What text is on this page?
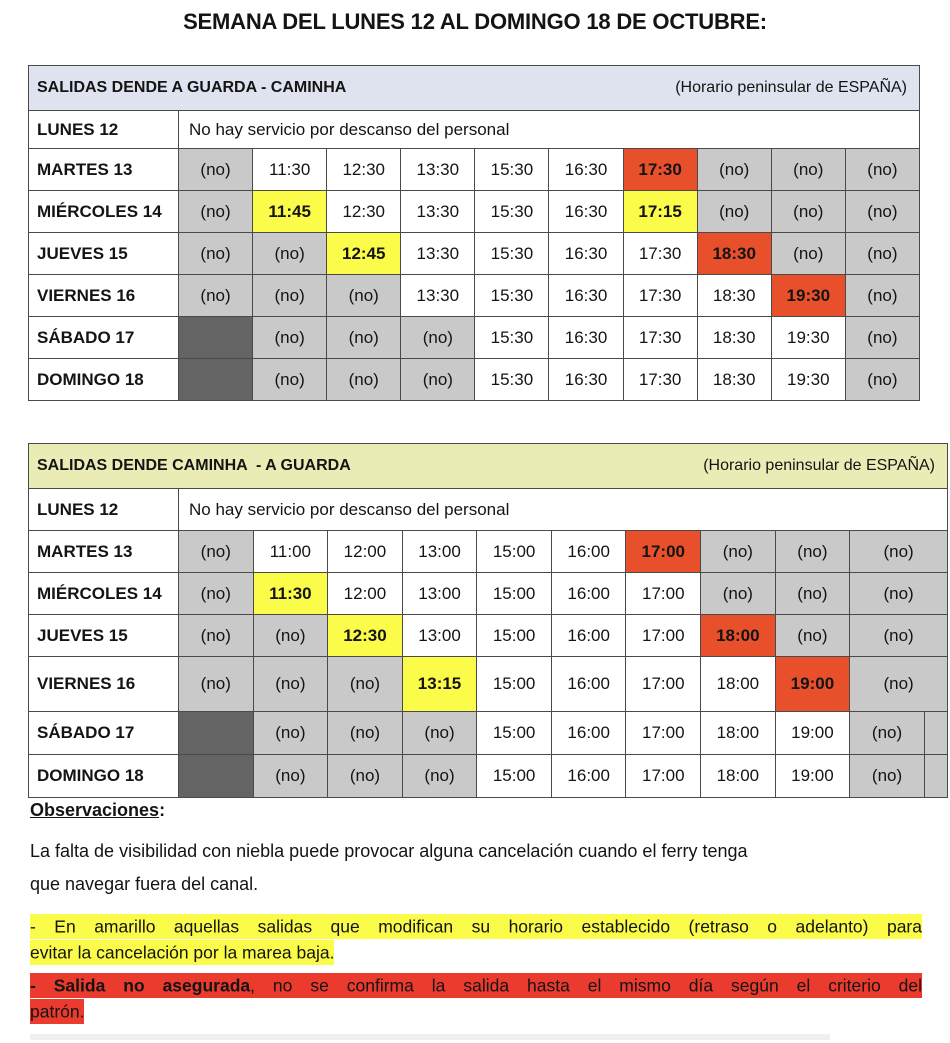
SEMANA DEL LUNES 12 AL DOMINGO 18 DE OCTUBRE:
SALIDAS DENDE A GUARDA - CAMINHA (Horario peninsular de ESPAÑA)										

LUNES 12	No hay servicio por descanso del personal									
MARTES 13	(no)	11:30	12:30	13:30	15:30	16:30	17:30	(no)	(no)	(no)
MIÉRCOLES 14	(no)	11:45	12:30	13:30	15:30	16:30	17:15	(no)	(no)	(no)
JUEVES 15	(no)	(no)	12:45	13:30	15:30	16:30	17:30	18:30	(no)	(no)
VIERNES 16	(no)	(no)	(no)	13:30	15:30	16:30	17:30	18:30	19:30	(no)
SÁBADO 17		(no)	(no)	(no)	15:30	16:30	17:30	18:30	19:30	(no)
DOMINGO 18		(no)	(no)	(no)	15:30	16:30	17:30	18:30	19:30	(no)
SALIDAS DENDE CAMINHA  - A GUARDA (Horario peninsular de ESPAÑA)											

LUNES 12	No hay servicio por descanso del personal										
MARTES 13	(no)	11:00	12:00	13:00	15:00	16:00	17:00	(no)	(no)	(no)	
MIÉRCOLES 14	(no)	11:30	12:00	13:00	15:00	16:00	17:00	(no)	(no)	(no)	
JUEVES 15	(no)	(no)	12:30	13:00	15:00	16:00	17:00	18:00	(no)	(no)	
VIERNES 16	(no)	(no)	(no)	13:15	15:00	16:00	17:00	18:00	19:00	(no)	
SÁBADO 17		(no)	(no)	(no)	15:00	16:00	17:00	18:00	19:00	(no)	
DOMINGO 18		(no)	(no)	(no)	15:00	16:00	17:00	18:00	19:00	(no)	
Observaciones:
La falta de visibilidad con niebla puede provocar alguna cancelación cuando el ferry tenga
que navegar fuera del canal.
- En amarillo aquellas salidas que modifican su horario establecido (retraso o adelanto) para
evitar la cancelación por la marea baja.
- Salida no asegurada, no se confirma la salida hasta el mismo día según el criterio del
patrón.
